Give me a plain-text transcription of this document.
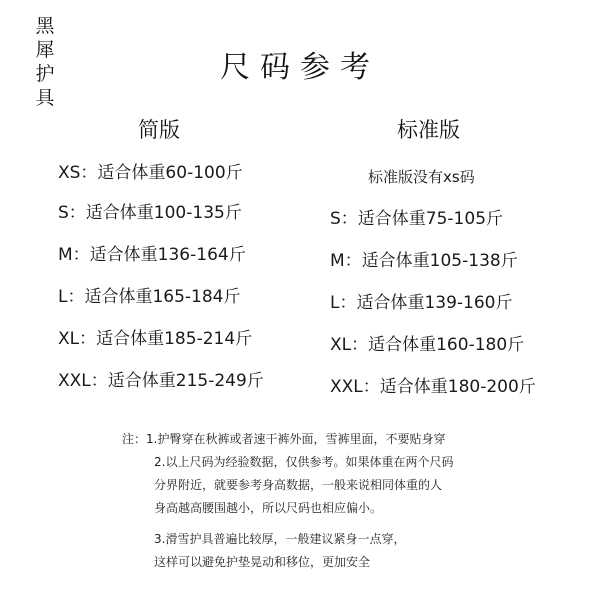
黑
犀
护
具
尺码参考
简版	标准版
XS：适合体重60-100斤
S：适合体重100-135斤
M：适合体重136-164斤
L：适合体重165-184斤
XL：适合体重185-214斤
XXL：适合体重215-249斤
标准版没有xs码
S：适合体重75-105斤
M：适合体重105-138斤
L：适合体重139-160斤
XL：适合体重160-180斤
XXL：适合体重180-200斤
注：1.护臀穿在秋裤或者速干裤外面，雪裤里面，不要贴身穿
2.以上尺码为经验数据，仅供参考。如果体重在两个尺码
分界附近，就要参考身高数据，一般来说相同体重的人
身高越高腰围越小，所以尺码也相应偏小。
3.滑雪护具普遍比较厚，一般建议紧身一点穿，
这样可以避免护垫晃动和移位，更加安全
